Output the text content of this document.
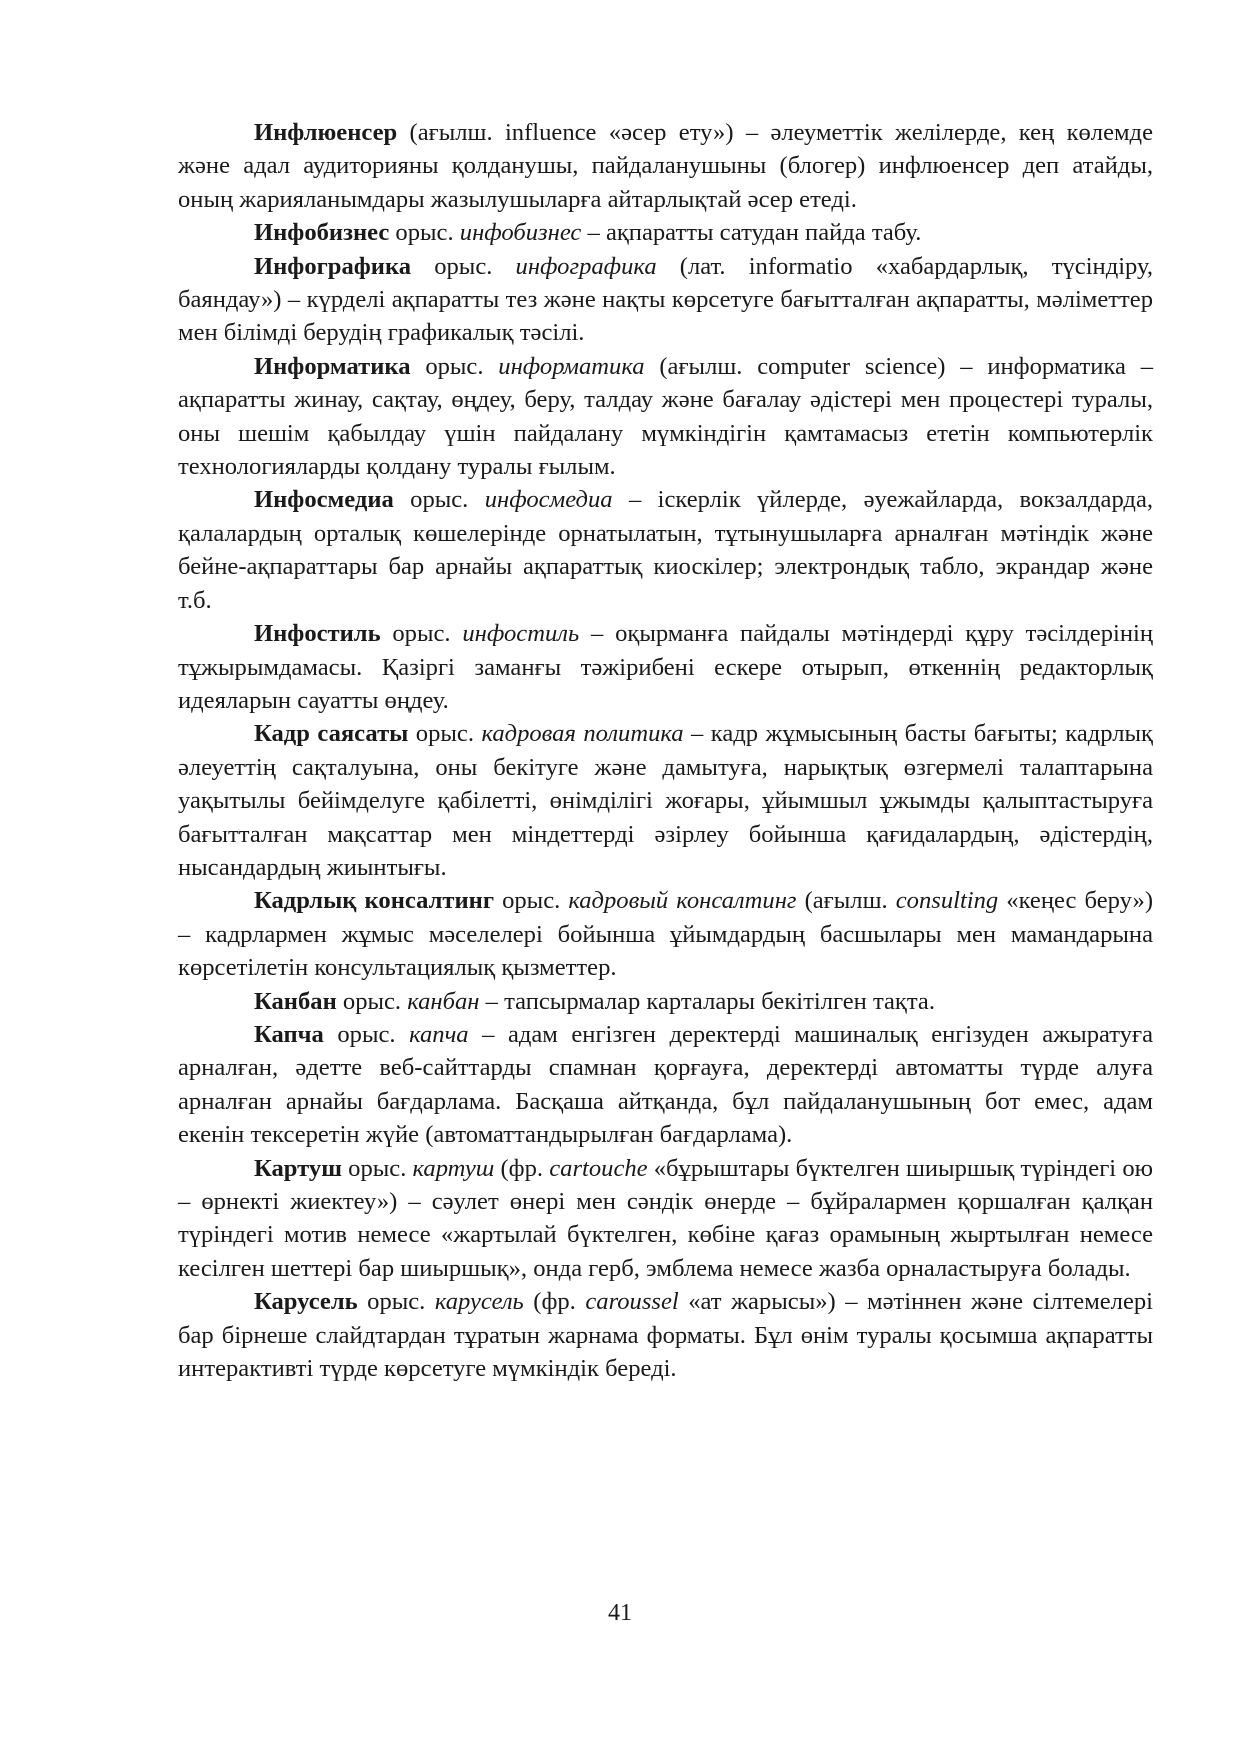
Инфлюенсер (ағылш. influence «әсер ету») – әлеуметтік желілерде, кең көлемде және адал аудиторияны қолданушы, пайдаланушыны (блогер) инфлюенсер деп атайды, оның жарияланымдары жазылушыларға айтарлықтай әсер етеді.

Инфобизнес орыс. инфобизнес – ақпаратты сатудан пайда табу.

Инфографика орыс. инфографика (лат. informatio «хабардарлық, түсіндіру, баяндау») – күрделі ақпаратты тез және нақты көрсетуге бағытталған ақпаратты, мәліметтер мен білімді берудің графикалық тәсілі.

Информатика орыс. информатика (ағылш. computer science) – информатика – ақпаратты жинау, сақтау, өңдеу, беру, талдау және бағалау әдістері мен процестері туралы, оны шешім қабылдау үшін пайдалану мүмкіндігін қамтамасыз ететін компьютерлік технологияларды қолдану туралы ғылым.

Инфосмедиа орыс. инфосмедиа – іскерлік үйлерде, әуежайларда, вокзалдарда, қалалардың орталық көшелерінде орнатылатын, тұтынушыларға арналған мәтіндік және бейне-ақпараттары бар арнайы ақпараттық киоскілер; электрондық табло, экрандар және т.б.

Инфостиль орыс. инфостиль – оқырманға пайдалы мәтіндерді құру тәсілдерінің тұжырымдамасы. Қазіргі заманғы тәжірибені ескере отырып, өткеннің редакторлық идеяларын сауатты өңдеу.

Кадр саясаты орыс. кадровая политика – кадр жұмысының басты бағыты; кадрлық әлеуеттің сақталуына, оны бекітуге және дамытуға, нарықтық өзгермелі талаптарына уақытылы бейімделуге қабілетті, өнімділігі жоғары, ұйымшыл ұжымды қалыптастыруға бағытталған мақсаттар мен міндеттерді әзірлеу бойынша қағидалардың, әдістердің, нысандардың жиынтығы.

Кадрлық консалтинг орыс. кадровый консалтинг (ағылш. consulting «кеңес беру») – кадрлармен жұмыс мәселелері бойынша ұйымдардың басшылары мен мамандарына көрсетілетін консультациялық қызметтер.

Канбан орыс. канбан – тапсырмалар карталары бекітілген тақта.

Капча орыс. капча – адам енгізген деректерді машиналық енгізуден ажыратуға арналған, әдетте веб-сайттарды спамнан қорғауға, деректерді автоматты түрде алуға арналған арнайы бағдарлама. Басқаша айтқанда, бұл пайдаланушының бот емес, адам екенін тексеретін жүйе (автоматтандырылған бағдарлама).

Картуш орыс. картуш (фр. cartouche «бұрыштары бүктелген шиыршық түріндегі ою – өрнекті жиектеу») – сәулет өнері мен сәндік өнерде – бұйралармен қоршалған қалқан түріндегі мотив немесе «жартылай бүктелген, көбіне қағаз орамының жыртылған немесе кесілген шеттері бар шиыршық», онда герб, эмблема немесе жазба орналастыруға болады.

Карусель орыс. карусель (фр. caroussel «ат жарысы») – мәтіннен және сілтемелері бар бірнеше слайдтардан тұратын жарнама форматы. Бұл өнім туралы қосымша ақпаратты интерактивті түрде көрсетуге мүмкіндік береді.

41
